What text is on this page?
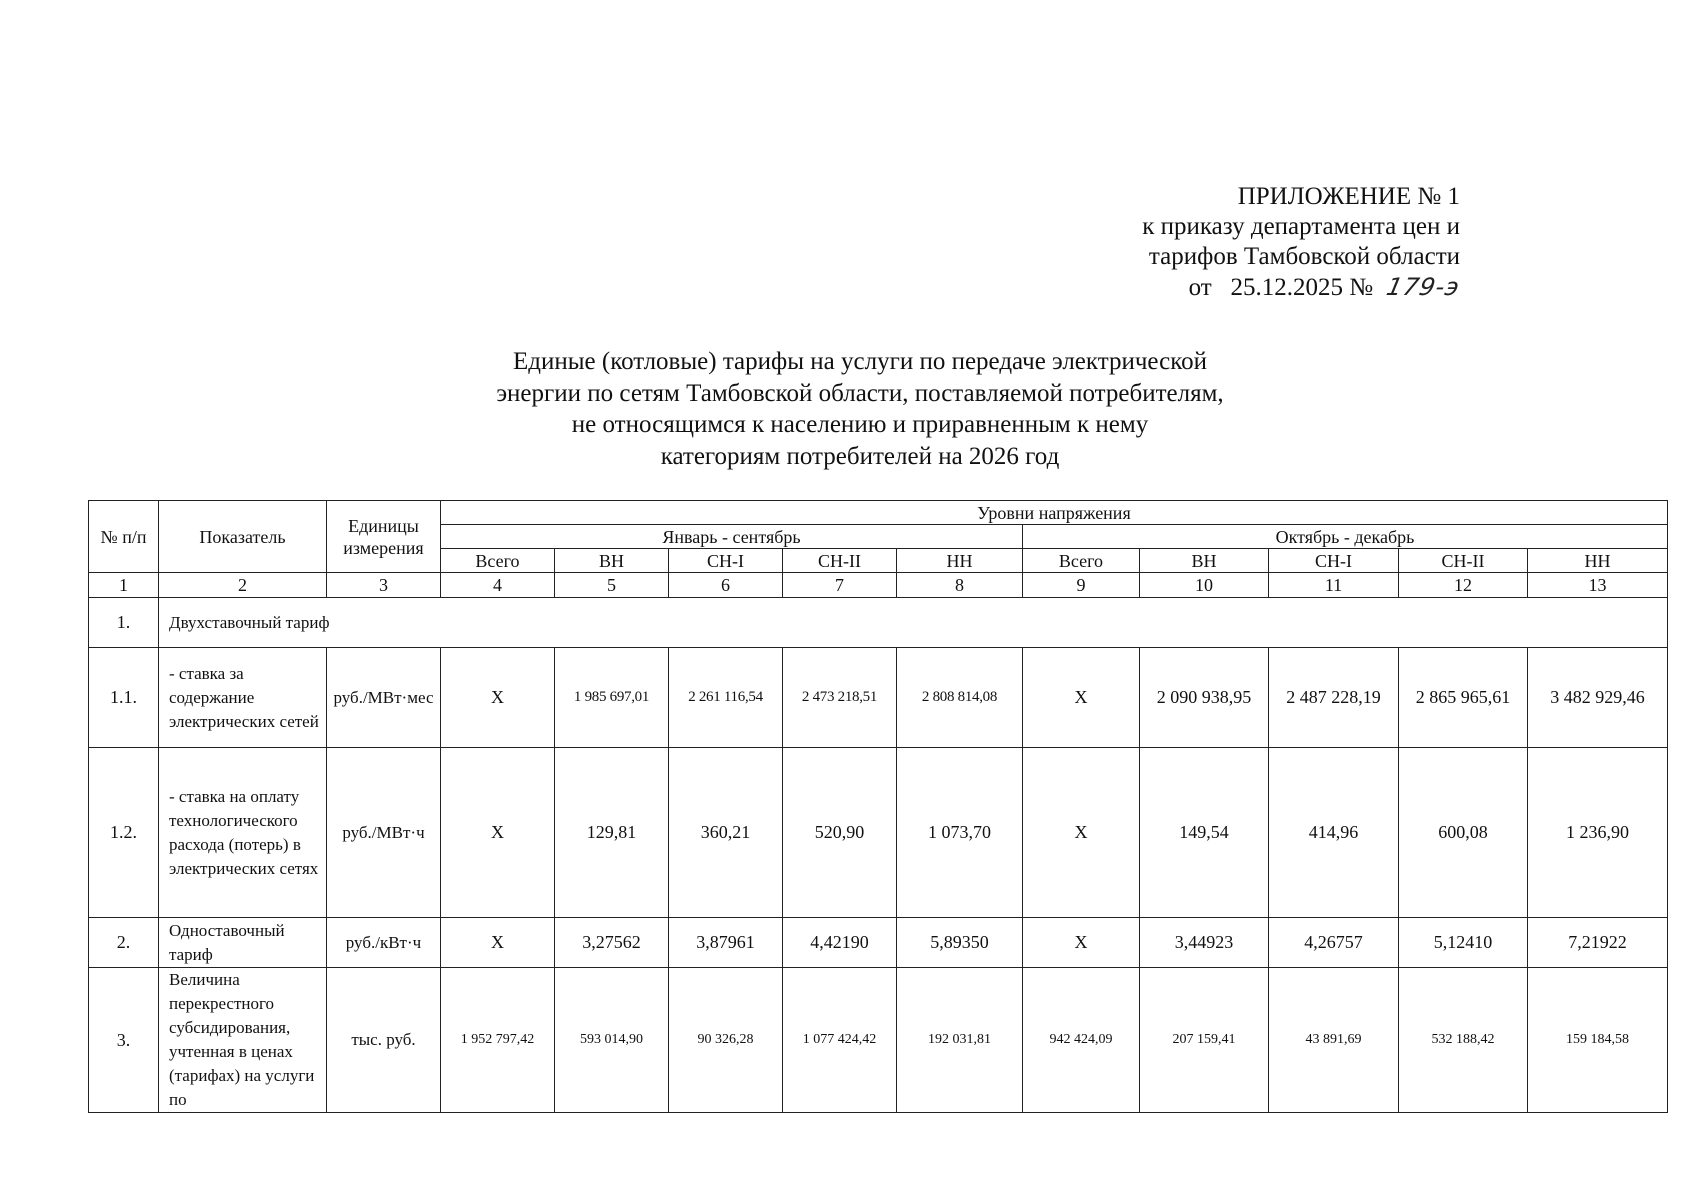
ПРИЛОЖЕНИЕ № 1
к приказу департамента цен и
тарифов Тамбовской области
от 25.12.2025 № 179-э
Единые (котловые) тарифы на услуги по передаче электрической
энергии по сетям Тамбовской области, поставляемой потребителям,
не относящимся к населению и приравненным к нему
категориям потребителей на 2026 год
№ п/п	Показатель	Единицы измерения	Уровни напряжения									
			Январь - сентябрь					Октябрь - декабрь				
			Всего	ВН	СН-I	СН-II	НН	Всего	ВН	СН-I	СН-II	НН
1	2	3	4	5	6	7	8	9	10	11	12	13
1.	Двухставочный тариф											
1.1.	- ставка за содержание электрических сетей	руб./МВт·мес	Х	1 985 697,01	2 261 116,54	2 473 218,51	2 808 814,08	Х	2 090 938,95	2 487 228,19	2 865 965,61	3 482 929,46
1.2.	- ставка на оплату технологического расхода (потерь) в электрических сетях	руб./МВт·ч	Х	129,81	360,21	520,90	1 073,70	Х	149,54	414,96	600,08	1 236,90
2.	Одноставочный тариф	руб./кВт·ч	Х	3,27562	3,87961	4,42190	5,89350	Х	3,44923	4,26757	5,12410	7,21922
3.	Величина перекрестного субсидирования, учтенная в ценах (тарифах) на услуги по	тыс. руб.	1 952 797,42	593 014,90	90 326,28	1 077 424,42	192 031,81	942 424,09	207 159,41	43 891,69	532 188,42	159 184,58
